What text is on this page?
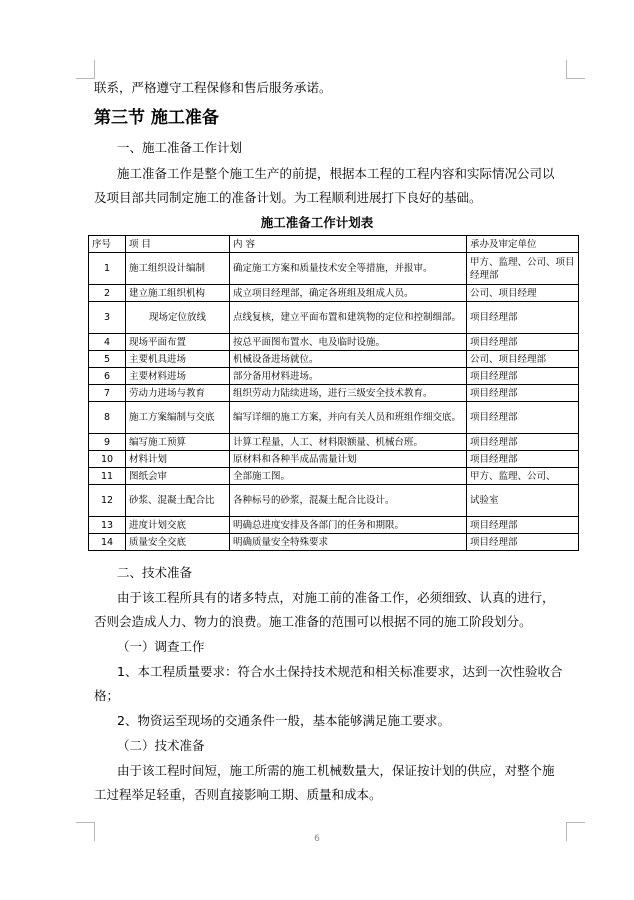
联系，严格遵守工程保修和售后服务承诺。
第三节 施工准备
一、施工准备工作计划
施工准备工作是整个施工生产的前提，根据本工程的工程内容和实际情况公司以
及项目部共同制定施工的准备计划。为工程顺利进展打下良好的基础。
施工准备工作计划表
序号	项 目	内 容	承办及审定单位
1	施工组织设计编制	确定施工方案和质量技术安全等措施，并报审。	甲方、监理、公司、项目经理部
2	建立施工组织机构	成立项目经理部，确定各班组及组成人员。	公司、项目经理
3	现场定位放线	点线复核，建立平面布置和建筑物的定位和控制细部。	项目经理部
4	现场平面布置	按总平面图布置水、电及临时设施。	项目经理部
5	主要机具进场	机械设备进场就位。	公司、项目经理部
6	主要材料进场	部分备用材料进场。	项目经理部
7	劳动力进场与教育	组织劳动力陆续进场，进行三级安全技术教育。	项目经理部
8	施工方案编制与交底	编写详细的施工方案，并向有关人员和班组作细交底。	项目经理部
9	编写施工预算	计算工程量，人工、材料限额量、机械台班。	项目经理部
10	材料计划	原材料和各种半成品需量计划	项目经理部
11	图纸会审	全部施工图。	甲方、监理、公司、
12	砂浆、混凝土配合比	各种标号的砂浆，混凝土配合比设计。	试验室
13	进度计划交底	明确总进度安排及各部门的任务和期限。	项目经理部
14	质量安全交底	明确质量安全特殊要求	项目经理部
二、技术准备
由于该工程所具有的诸多特点，对施工前的准备工作，必须细致、认真的进行，
否则会造成人力、物力的浪费。施工准备的范围可以根据不同的施工阶段划分。
（一）调查工作
1、本工程质量要求：符合水土保持技术规范和相关标准要求，达到一次性验收合
格；
2、物资运至现场的交通条件一般，基本能够满足施工要求。
（二）技术准备
由于该工程时间短，施工所需的施工机械数量大，保证按计划的供应，对整个施
工过程举足轻重，否则直接影响工期、质量和成本。
6
